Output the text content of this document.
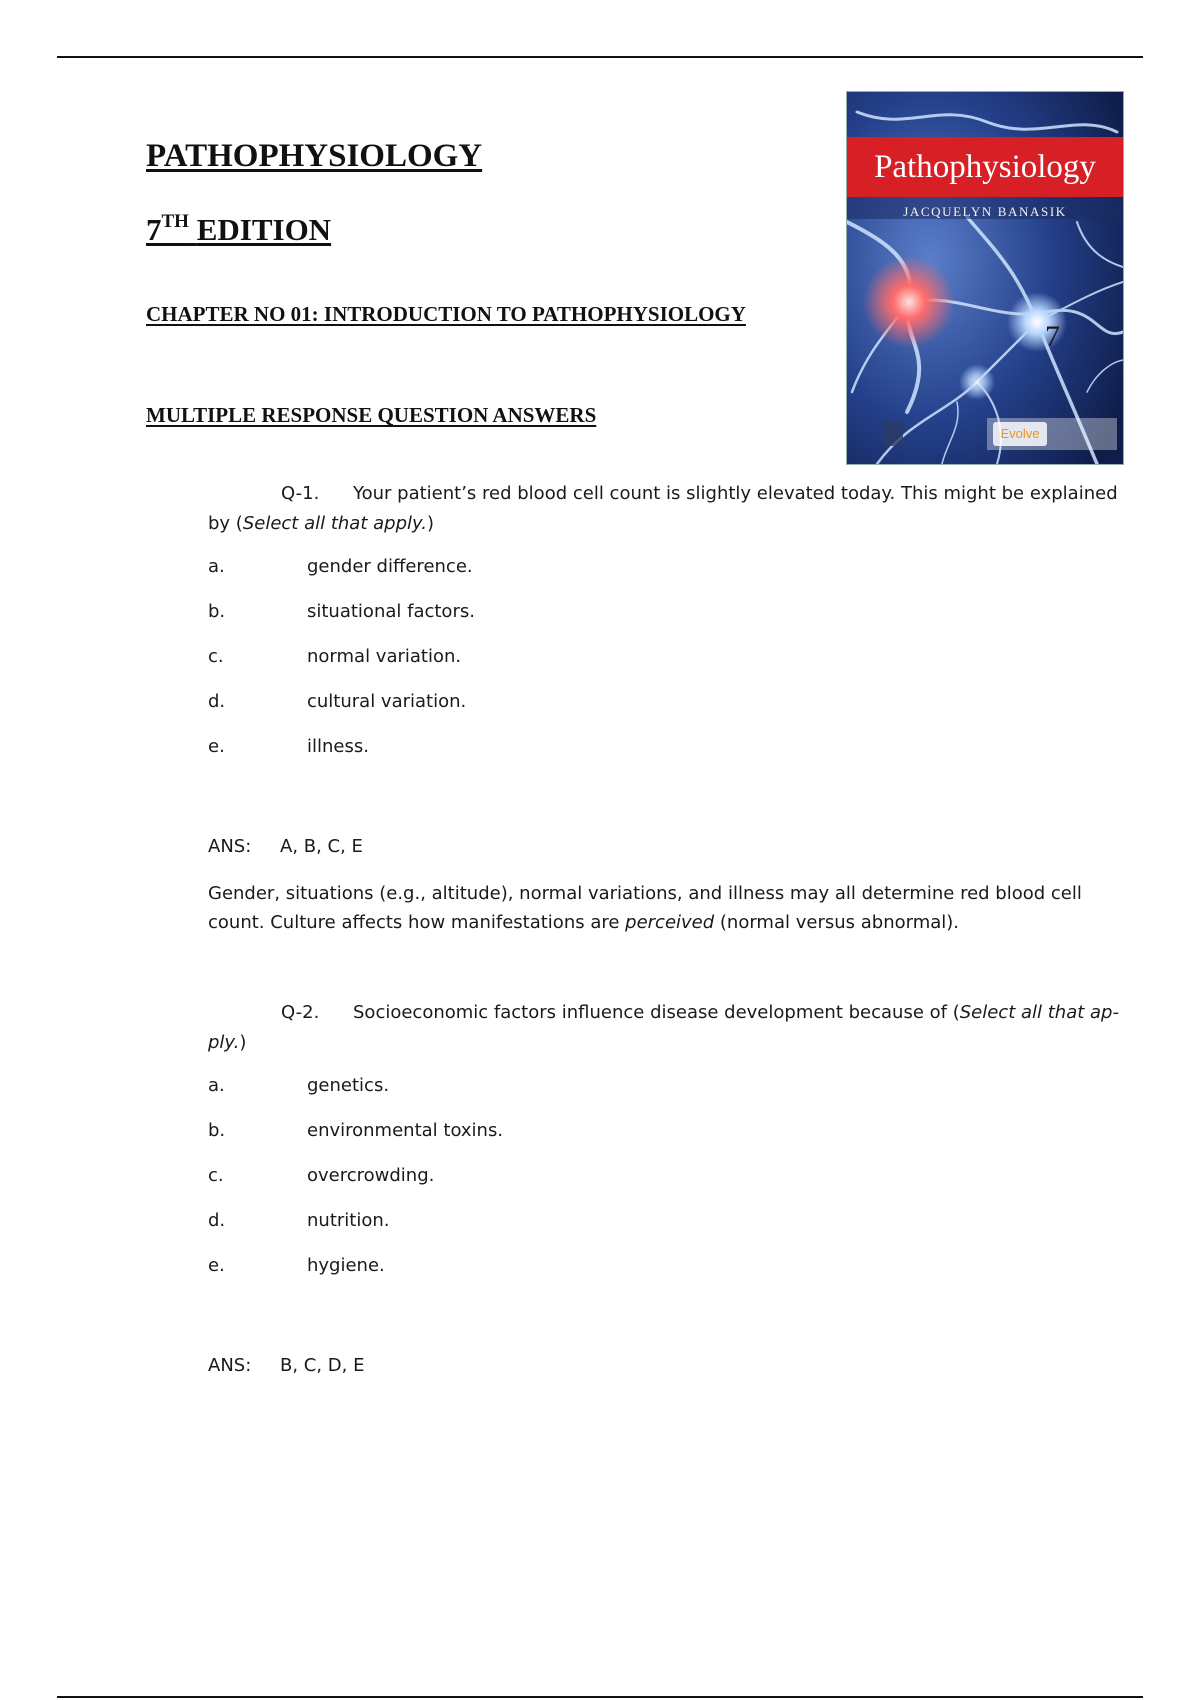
PATHOPHYSIOLOGY
7TH EDITION
CHAPTER NO 01: INTRODUCTION TO PATHOPHYSIOLOGY
MULTIPLE RESPONSE QUESTION ANSWERS
Pathophysiology
JACQUELYN BANASIK
7
Evolve

Q-1. Your patient’s red blood cell count is slightly elevated today. This might be explained by (Select all that apply.)

a.	gender difference.
b.	situational factors.
c.	normal variation.
d.	cultural variation.
e.	illness.

ANS: A, B, C, E

Gender, situations (e.g., altitude), normal variations, and illness may all determine red blood cell count. Culture affects how manifestations are perceived (normal versus abnormal).

Q-2. Socioeconomic factors influence disease development because of (Select all that ap-ply.)

a.	genetics.
b.	environmental toxins.
c.	overcrowding.
d.	nutrition.
e.	hygiene.

ANS: B, C, D, E
